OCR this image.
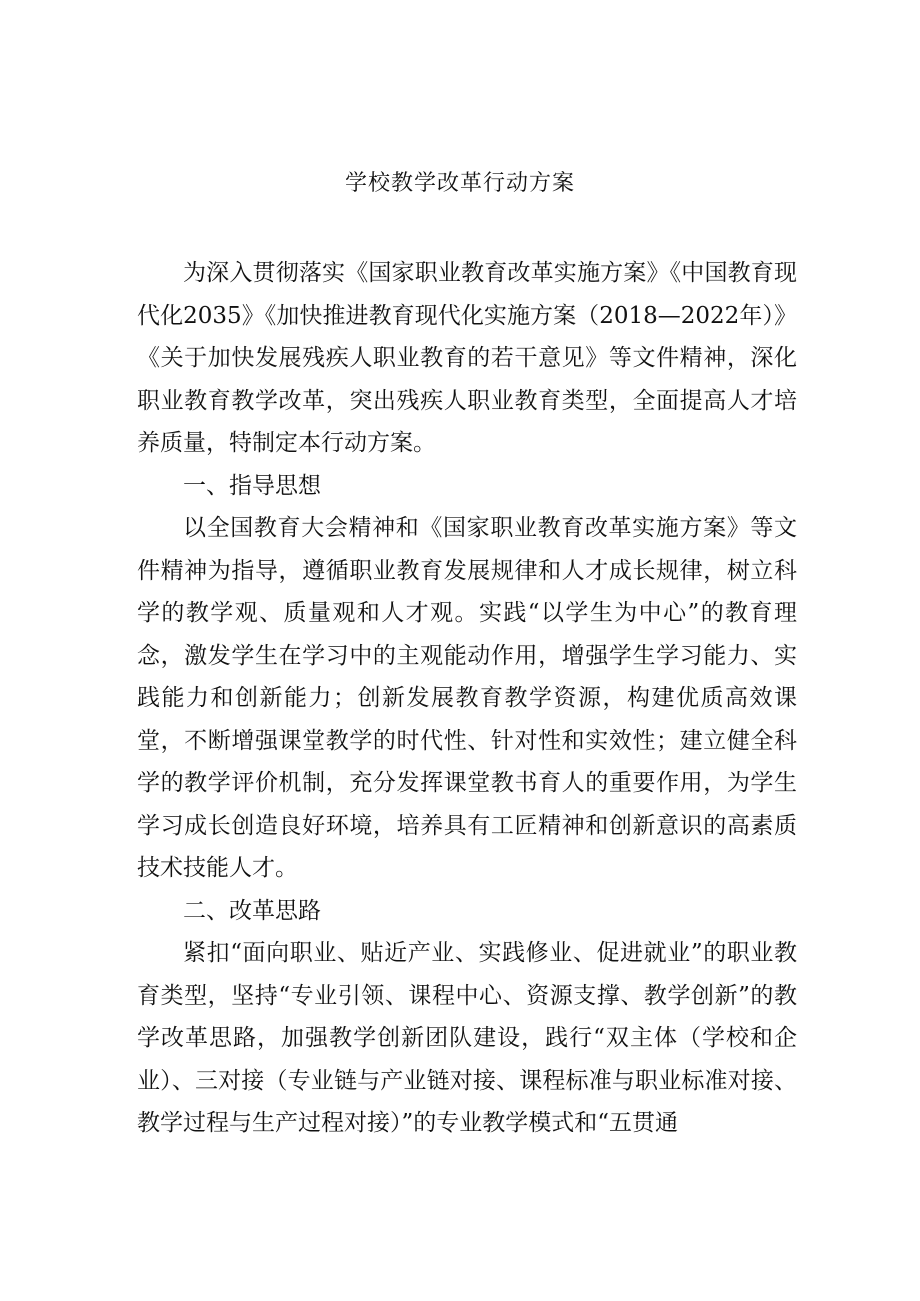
学校教学改革行动方案

为深入贯彻落实《国家职业教育改革实施方案》《中国教育现代化2035》《加快推进教育现代化实施方案（2018—2022年）》《关于加快发展残疾人职业教育的若干意见》等文件精神，深化职业教育教学改革，突出残疾人职业教育类型，全面提高人才培养质量，特制定本行动方案。

一、指导思想

以全国教育大会精神和《国家职业教育改革实施方案》等文件精神为指导，遵循职业教育发展规律和人才成长规律，树立科学的教学观、质量观和人才观。实践“以学生为中心”的教育理念，激发学生在学习中的主观能动作用，增强学生学习能力、实践能力和创新能力；创新发展教育教学资源，构建优质高效课堂，不断增强课堂教学的时代性、针对性和实效性；建立健全科学的教学评价机制，充分发挥课堂教书育人的重要作用，为学生学习成长创造良好环境，培养具有工匠精神和创新意识的高素质技术技能人才。

二、改革思路

紧扣“面向职业、贴近产业、实践修业、促进就业”的职业教育类型，坚持“专业引领、课程中心、资源支撑、教学创新”的教学改革思路，加强教学创新团队建设，践行“双主体（学校和企业）、三对接（专业链与产业链对接、课程标准与职业标准对接、教学过程与生产过程对接）”的专业教学模式和“五贯通
